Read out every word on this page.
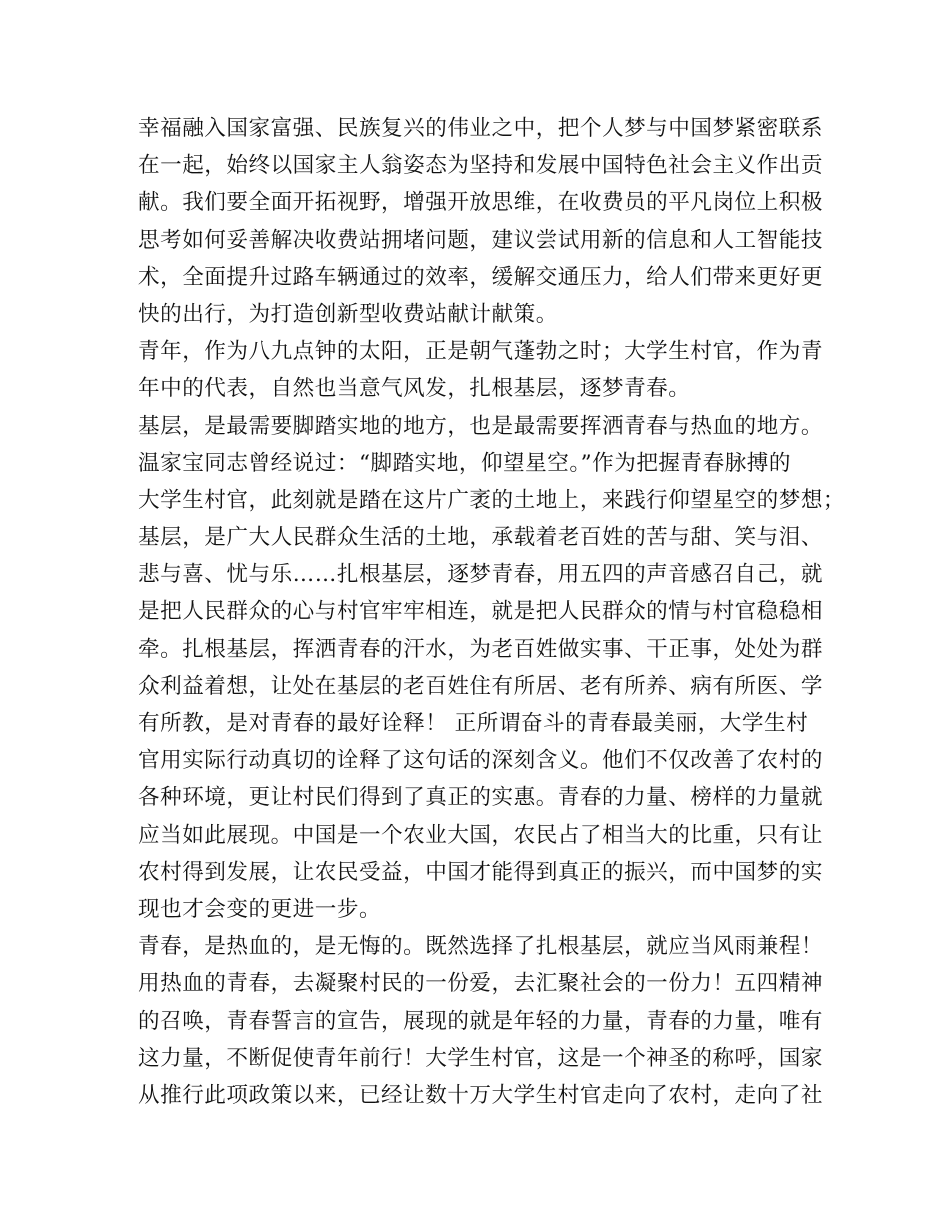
幸福融入国家富强、民族复兴的伟业之中，把个人梦与中国梦紧密联系
在一起，始终以国家主人翁姿态为坚持和发展中国特色社会主义作出贡
献。我们要全面开拓视野，增强开放思维，在收费员的平凡岗位上积极
思考如何妥善解决收费站拥堵问题，建议尝试用新的信息和人工智能技
术，全面提升过路车辆通过的效率，缓解交通压力，给人们带来更好更
快的出行，为打造创新型收费站献计献策。
青年，作为八九点钟的太阳，正是朝气蓬勃之时；大学生村官，作为青
年中的代表，自然也当意气风发，扎根基层，逐梦青春。
基层，是最需要脚踏实地的地方，也是最需要挥洒青春与热血的地方。
温家宝同志曾经说过：“脚踏实地，仰望星空。”作为把握青春脉搏的
大学生村官，此刻就是踏在这片广袤的土地上，来践行仰望星空的梦想；
基层，是广大人民群众生活的土地，承载着老百姓的苦与甜、笑与泪、
悲与喜、忧与乐……扎根基层，逐梦青春，用五四的声音感召自己，就
是把人民群众的心与村官牢牢相连，就是把人民群众的情与村官稳稳相
牵。扎根基层，挥洒青春的汗水，为老百姓做实事、干正事，处处为群
众利益着想，让处在基层的老百姓住有所居、老有所养、病有所医、学
有所教，是对青春的最好诠释！ 正所谓奋斗的青春最美丽，大学生村
官用实际行动真切的诠释了这句话的深刻含义。他们不仅改善了农村的
各种环境，更让村民们得到了真正的实惠。青春的力量、榜样的力量就
应当如此展现。中国是一个农业大国，农民占了相当大的比重，只有让
农村得到发展，让农民受益，中国才能得到真正的振兴，而中国梦的实
现也才会变的更进一步。
青春，是热血的，是无悔的。既然选择了扎根基层，就应当风雨兼程！
用热血的青春，去凝聚村民的一份爱，去汇聚社会的一份力！五四精神
的召唤，青春誓言的宣告，展现的就是年轻的力量，青春的力量，唯有
这力量，不断促使青年前行！大学生村官，这是一个神圣的称呼，国家
从推行此项政策以来，已经让数十万大学生村官走向了农村，走向了社
